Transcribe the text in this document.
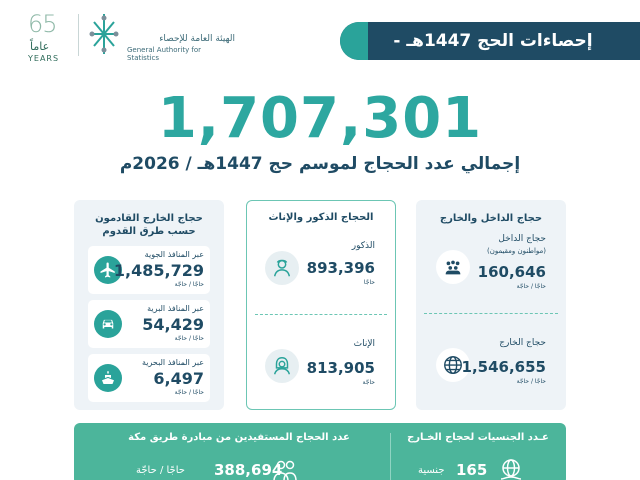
65
عاماً
YEARS
الهيئة العامة للإحصاء
General Authority for Statistics
إحصاءات الحج 1447هـ - 2026م
1,707,301
إجمالي عدد الحجاج لموسم حج 1447هـ / 2026م
حجاج الخارج القادمون
حسب طرق القدوم
عبر المنافذ الجوية
1,485,729
حاجًا / حاجّة
عبر المنافذ البرية
54,429
حاجًا / حاجّة
عبر المنافذ البحرية
6,497
حاجًا / حاجّة
الحجاج الذكور والإناث
الذكور
893,396
حاجًا
الإناث
813,905
حاجّة
حجاج الداخل والخارج
حجاج الداخل
(مواطنون ومقيمون)
160,646
حاجًا / حاجّة
حجاج الخارج
1,546,655
حاجًا / حاجّة
عدد الحجاج المستفيدين من مبادرة طريق مكة
حاجًا / حاجّة 388,694
عـدد الجنسيات لحجاج الخـارج
جنسية 165
